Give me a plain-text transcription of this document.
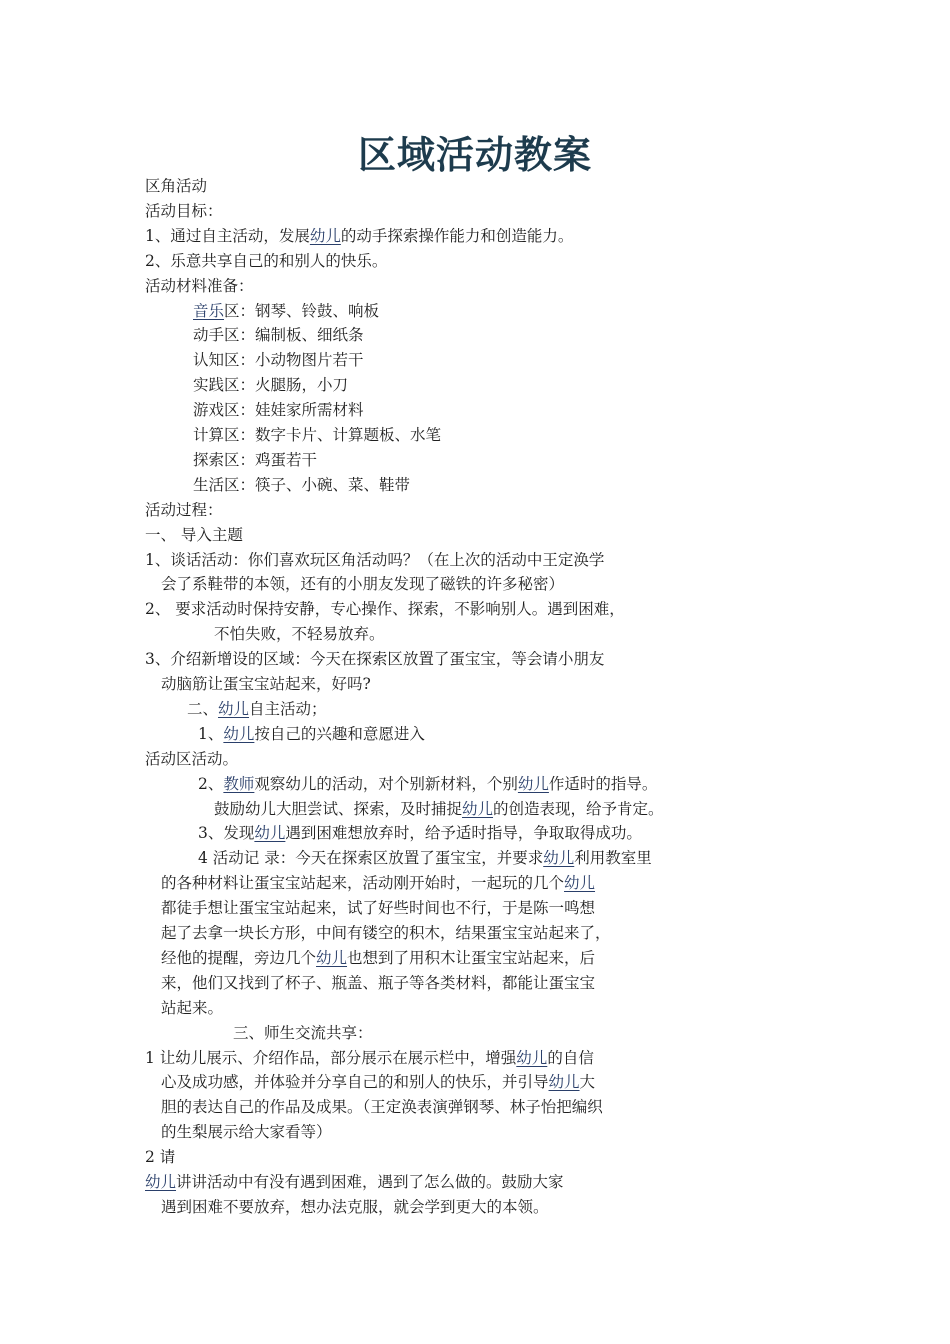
区域活动教案
区角活动
活动目标：
1、通过自主活动，发展幼儿的动手探索操作能力和创造能力。
2、乐意共享自己的和别人的快乐。
活动材料准备：
音乐区：钢琴、铃鼓、响板
动手区：编制板、细纸条
认知区：小动物图片若干
实践区：火腿肠，小刀
游戏区：娃娃家所需材料
计算区：数字卡片、计算题板、水笔
探索区：鸡蛋若干
生活区：筷子、小碗、菜、鞋带
活动过程：
一、 导入主题
1、谈话活动：你们喜欢玩区角活动吗？（在上次的活动中王定涣学
会了系鞋带的本领，还有的小朋友发现了磁铁的许多秘密）
2、 要求活动时保持安静，专心操作、探索，不影响别人。遇到困难，
不怕失败，不轻易放弃。
3、介绍新增设的区域：今天在探索区放置了蛋宝宝，等会请小朋友
动脑筋让蛋宝宝站起来，好吗?
二、幼儿自主活动；
1、幼儿按自己的兴趣和意愿进入
活动区活动。
2、教师观察幼儿的活动，对个别新材料，个别幼儿作适时的指导。
鼓励幼儿大胆尝试、探索，及时捕捉幼儿的创造表现，给予肯定。
3、发现幼儿遇到困难想放弃时，给予适时指导，争取取得成功。
4 活动记 录：今天在探索区放置了蛋宝宝，并要求幼儿利用教室里
的各种材料让蛋宝宝站起来，活动刚开始时，一起玩的几个幼儿
都徒手想让蛋宝宝站起来，试了好些时间也不行，于是陈一鸣想
起了去拿一块长方形，中间有镂空的积木，结果蛋宝宝站起来了，
经他的提醒，旁边几个幼儿也想到了用积木让蛋宝宝站起来，后
来，他们又找到了杯子、瓶盖、瓶子等各类材料，都能让蛋宝宝
站起来。
三、师生交流共享：
1 让幼儿展示、介绍作品，部分展示在展示栏中，增强幼儿的自信
心及成功感，并体验并分享自己的和别人的快乐，并引导幼儿大
胆的表达自己的作品及成果。（王定涣表演弹钢琴、林子怡把编织
的生梨展示给大家看等）
2 请
幼儿讲讲活动中有没有遇到困难，遇到了怎么做的。鼓励大家
遇到困难不要放弃，想办法克服，就会学到更大的本领。
